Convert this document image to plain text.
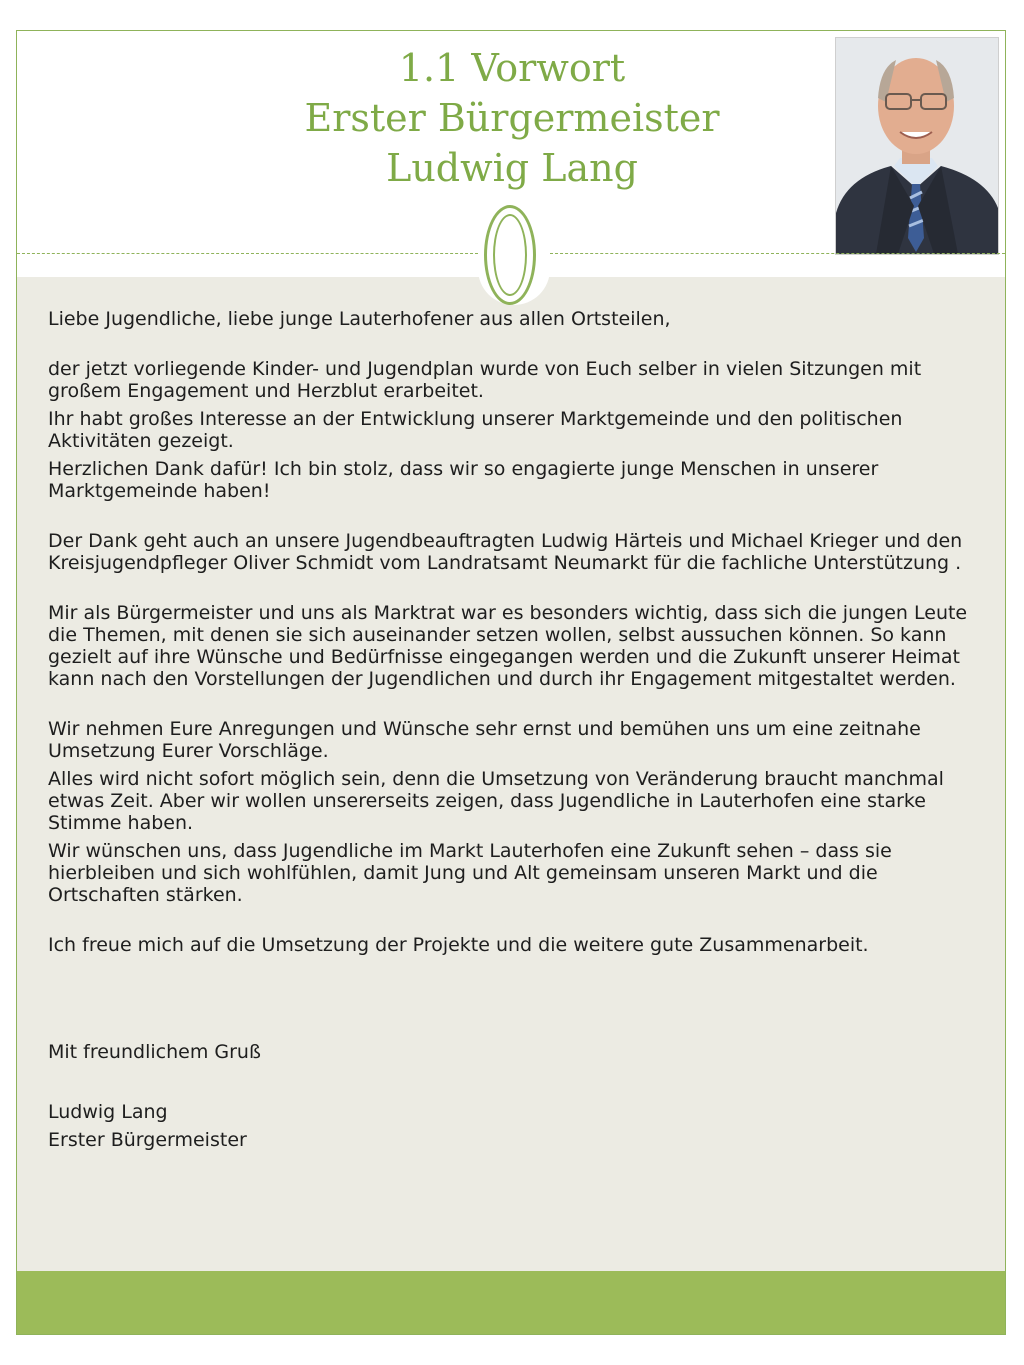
1.1 Vorwort
Erster Bürgermeister
Ludwig Lang

Liebe Jugendliche, liebe junge Lauterhofener aus allen Ortsteilen,

der jetzt vorliegende Kinder- und Jugendplan wurde von Euch selber in vielen Sitzungen mit großem Engagement und Herzblut erarbeitet.

Ihr habt großes Interesse an der Entwicklung unserer Marktgemeinde und den politischen Aktivitäten gezeigt.

Herzlichen Dank dafür! Ich bin stolz, dass wir so engagierte junge Menschen in unserer Marktgemeinde haben!

Der Dank geht auch an unsere Jugendbeauftragten Ludwig Härteis und Michael Krieger und den Kreisjugendpfleger Oliver Schmidt vom Landratsamt Neumarkt für die fachliche Unterstützung .

Mir als Bürgermeister und uns als Marktrat war es besonders wichtig, dass sich die jungen Leute die Themen, mit denen sie sich auseinander setzen wollen, selbst aussuchen können. So kann gezielt auf ihre Wünsche und Bedürfnisse eingegangen werden und die Zukunft unserer Heimat kann nach den Vorstellungen der Jugendlichen und durch ihr Engagement mitgestaltet werden.

Wir nehmen Eure Anregungen und Wünsche sehr ernst und bemühen uns um eine zeitnahe Umsetzung Eurer Vorschläge.

Alles wird nicht sofort möglich sein, denn die Umsetzung von Veränderung braucht manchmal etwas Zeit. Aber wir wollen unsererseits zeigen, dass Jugendliche in Lauterhofen eine starke Stimme haben.

Wir wünschen uns, dass Jugendliche im Markt Lauterhofen eine Zukunft sehen – dass sie hierbleiben und sich wohlfühlen, damit Jung und Alt gemeinsam unseren Markt und die Ortschaften stärken.

Ich freue mich auf die Umsetzung der Projekte und die weitere gute Zusammenarbeit.

Mit freundlichem Gruß

Ludwig Lang

Erster Bürgermeister
